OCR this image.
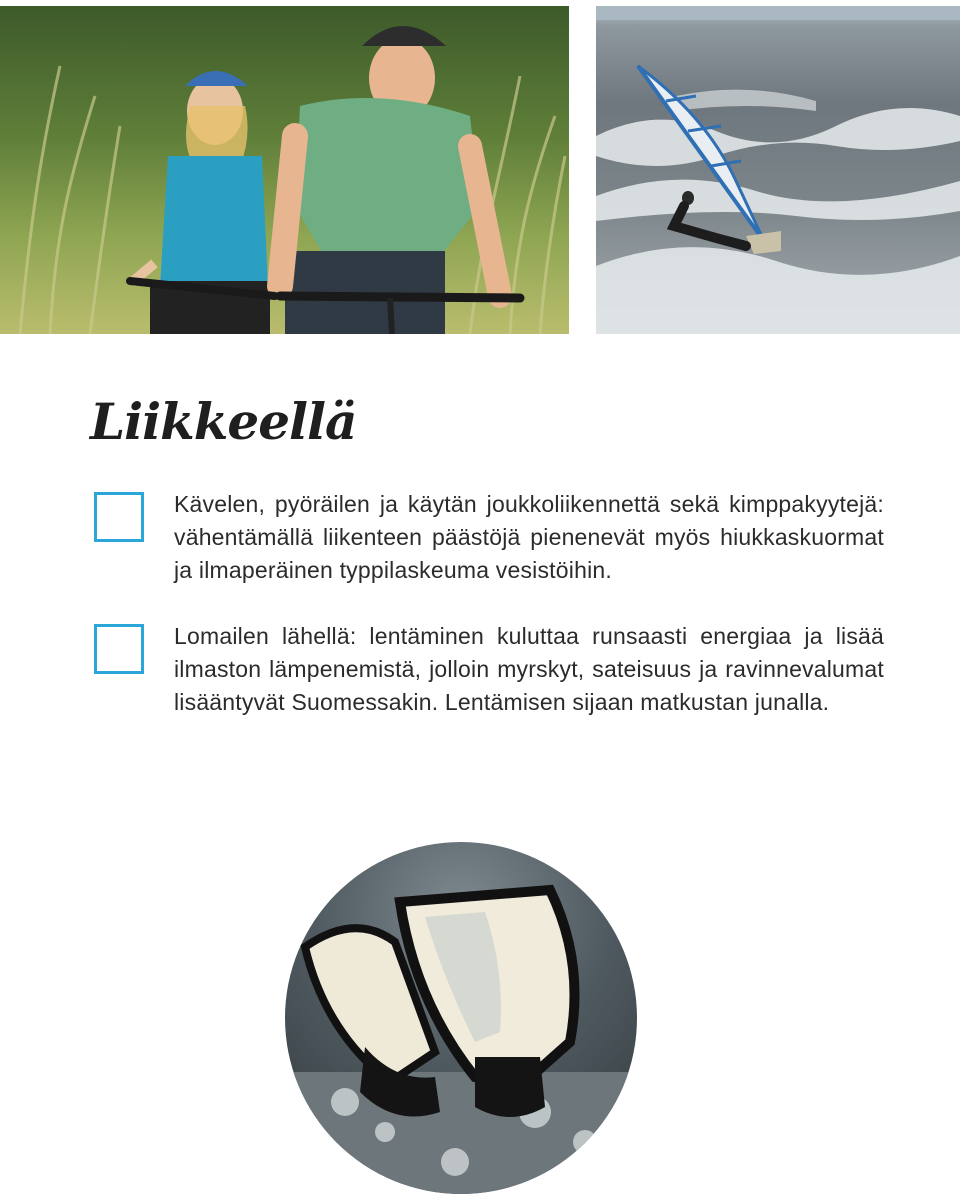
Liikkeellä

Kävelen, pyöräilen ja käytän joukkoliikennettä sekä kimppakyytejä: vähentämällä liikenteen päästöjä pienenevät myös hiukkaskuormat ja ilmaperäinen typpilaskeuma vesistöihin.

Lomailen lähellä: lentäminen kuluttaa runsaasti energiaa ja lisää ilmaston lämpenemistä, jolloin myrskyt, sateisuus ja ravinnevalumat lisääntyvät Suomessakin. Lentämisen sijaan matkustan junalla.
